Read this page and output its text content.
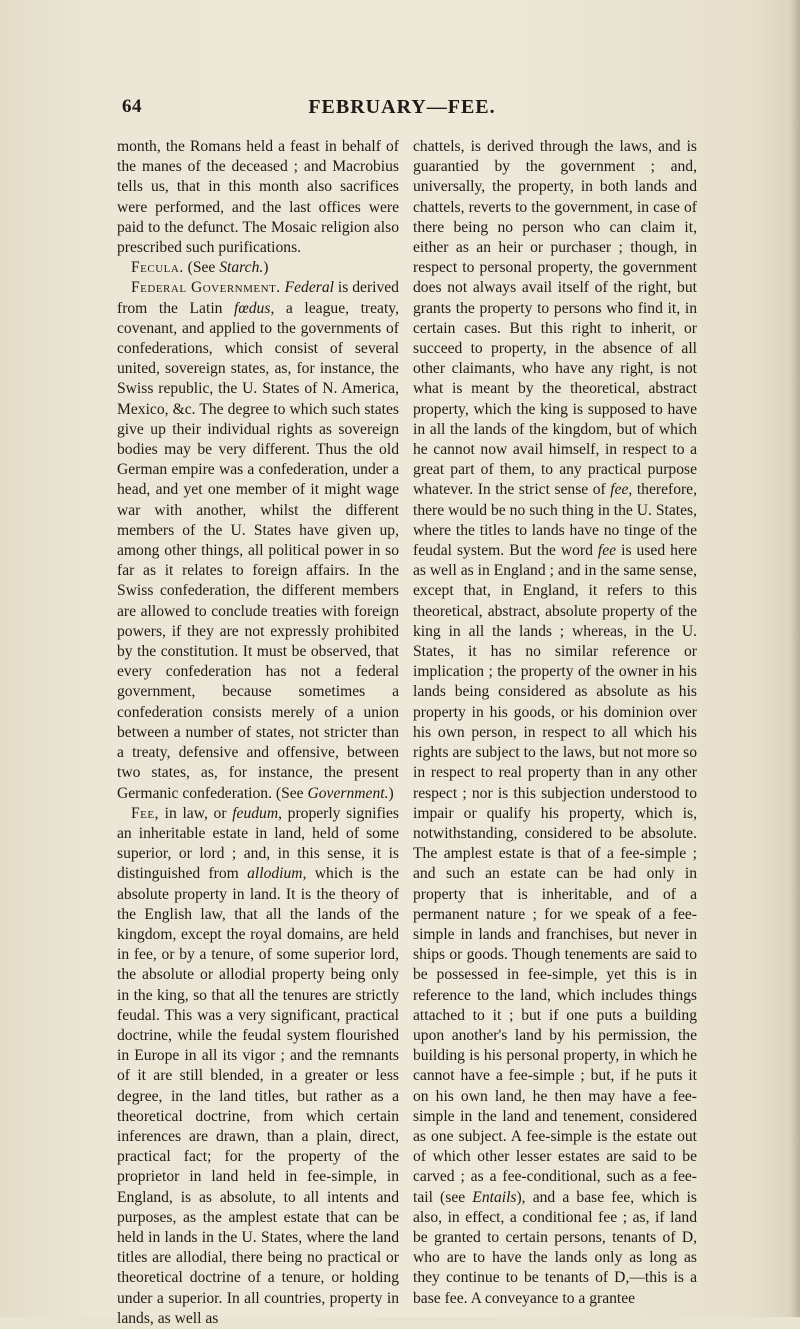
64	FEBRUARY—FEE.

month, the Romans held a feast in behalf of the manes of the deceased ; and Macrobius tells us, that in this month also sacrifices were performed, and the last offices were paid to the defunct. The Mosaic religion also prescribed such purifications.

Fecula. (See Starch.)

Federal Government. Federal is derived from the Latin fœdus, a league, treaty, covenant, and applied to the governments of confederations, which consist of several united, sovereign states, as, for instance, the Swiss republic, the U. States of N. America, Mexico, &c. The degree to which such states give up their individual rights as sovereign bodies may be very different. Thus the old German empire was a confederation, under a head, and yet one member of it might wage war with another, whilst the different members of the U. States have given up, among other things, all political power in so far as it relates to foreign affairs. In the Swiss confederation, the different members are allowed to conclude treaties with foreign powers, if they are not expressly prohibited by the constitution. It must be observed, that every confederation has not a federal government, because sometimes a confederation consists merely of a union between a number of states, not stricter than a treaty, defensive and offensive, between two states, as, for instance, the present Germanic confederation. (See Government.)

Fee, in law, or feudum, properly signifies an inheritable estate in land, held of some superior, or lord ; and, in this sense, it is distinguished from allodium, which is the absolute property in land. It is the theory of the English law, that all the lands of the kingdom, except the royal domains, are held in fee, or by a tenure, of some superior lord, the absolute or allodial property being only in the king, so that all the tenures are strictly feudal. This was a very significant, practical doctrine, while the feudal system flourished in Europe in all its vigor ; and the remnants of it are still blended, in a greater or less degree, in the land titles, but rather as a theoretical doctrine, from which certain inferences are drawn, than a plain, direct, practical fact; for the property of the proprietor in land held in fee-simple, in England, is as absolute, to all intents and purposes, as the amplest estate that can be held in lands in the U. States, where the land titles are allodial, there being no practical or theoretical doctrine of a tenure, or holding under a superior. In all countries, property in lands, as well as

chattels, is derived through the laws, and is guarantied by the government ; and, universally, the property, in both lands and chattels, reverts to the government, in case of there being no person who can claim it, either as an heir or purchaser ; though, in respect to personal property, the government does not always avail itself of the right, but grants the property to persons who find it, in certain cases. But this right to inherit, or succeed to property, in the absence of all other claimants, who have any right, is not what is meant by the theoretical, abstract property, which the king is supposed to have in all the lands of the kingdom, but of which he cannot now avail himself, in respect to a great part of them, to any practical purpose whatever. In the strict sense of fee, therefore, there would be no such thing in the U. States, where the titles to lands have no tinge of the feudal system. But the word fee is used here as well as in England ; and in the same sense, except that, in England, it refers to this theoretical, abstract, absolute property of the king in all the lands ; whereas, in the U. States, it has no similar reference or implication ; the property of the owner in his lands being considered as absolute as his property in his goods, or his dominion over his own person, in respect to all which his rights are subject to the laws, but not more so in respect to real property than in any other respect ; nor is this subjection understood to impair or qualify his property, which is, notwithstanding, considered to be absolute. The amplest estate is that of a fee-simple ; and such an estate can be had only in property that is inheritable, and of a permanent nature ; for we speak of a fee-simple in lands and franchises, but never in ships or goods. Though tenements are said to be possessed in fee-simple, yet this is in reference to the land, which includes things attached to it ; but if one puts a building upon another's land by his permission, the building is his personal property, in which he cannot have a fee-simple ; but, if he puts it on his own land, he then may have a fee-simple in the land and tenement, considered as one subject. A fee-simple is the estate out of which other lesser estates are said to be carved ; as a fee-conditional, such as a fee-tail (see Entails), and a base fee, which is also, in effect, a conditional fee ; as, if land be granted to certain persons, tenants of D, who are to have the lands only as long as they continue to be tenants of D,—this is a base fee. A conveyance to a grantee
